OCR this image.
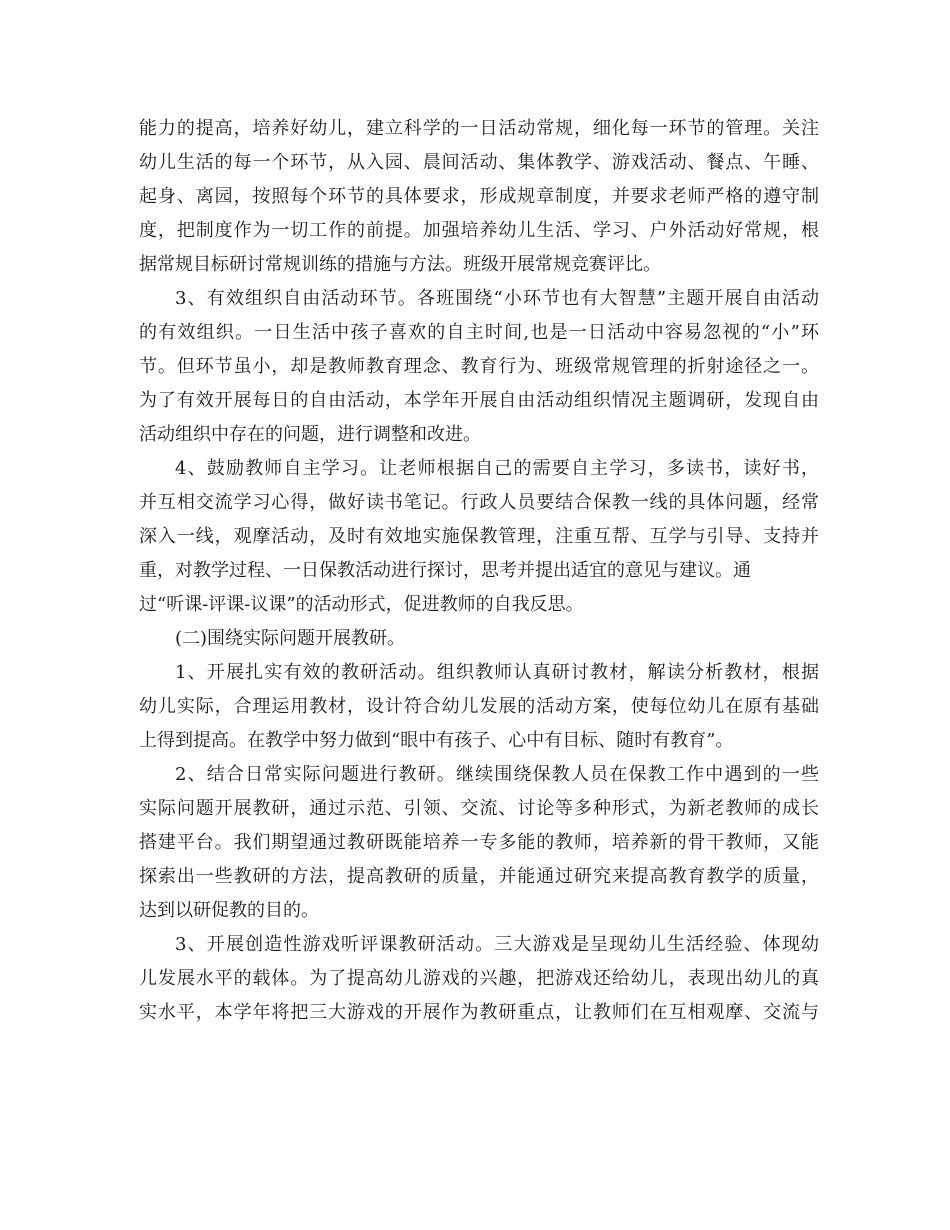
能力的提高，培养好幼儿，建立科学的一日活动常规，细化每一环节的管理。关注
幼儿生活的每一个环节，从入园、晨间活动、集体教学、游戏活动、餐点、午睡、
起身、离园，按照每个环节的具体要求，形成规章制度，并要求老师严格的遵守制
度，把制度作为一切工作的前提。加强培养幼儿生活、学习、户外活动好常规，根
据常规目标研讨常规训练的措施与方法。班级开展常规竞赛评比。
3、有效组织自由活动环节。各班围绕“小环节也有大智慧”主题开展自由活动
的有效组织。一日生活中孩子喜欢的自主时间,也是一日活动中容易忽视的“小”环
节。但环节虽小，却是教师教育理念、教育行为、班级常规管理的折射途径之一。
为了有效开展每日的自由活动，本学年开展自由活动组织情况主题调研，发现自由
活动组织中存在的问题，进行调整和改进。
4、鼓励教师自主学习。让老师根据自己的需要自主学习，多读书，读好书，
并互相交流学习心得，做好读书笔记。行政人员要结合保教一线的具体问题，经常
深入一线，观摩活动，及时有效地实施保教管理，注重互帮、互学与引导、支持并
重，对教学过程、一日保教活动进行探讨，思考并提出适宜的意见与建议。通
过“听课-评课-议课”的活动形式，促进教师的自我反思。
(二)围绕实际问题开展教研。
1、开展扎实有效的教研活动。组织教师认真研讨教材，解读分析教材，根据
幼儿实际，合理运用教材，设计符合幼儿发展的活动方案，使每位幼儿在原有基础
上得到提高。在教学中努力做到“眼中有孩子、心中有目标、随时有教育”。
2、结合日常实际问题进行教研。继续围绕保教人员在保教工作中遇到的一些
实际问题开展教研，通过示范、引领、交流、讨论等多种形式，为新老教师的成长
搭建平台。我们期望通过教研既能培养一专多能的教师，培养新的骨干教师，又能
探索出一些教研的方法，提高教研的质量，并能通过研究来提高教育教学的质量，
达到以研促教的目的。
3、开展创造性游戏听评课教研活动。三大游戏是呈现幼儿生活经验、体现幼
儿发展水平的载体。为了提高幼儿游戏的兴趣，把游戏还给幼儿，表现出幼儿的真
实水平，本学年将把三大游戏的开展作为教研重点，让教师们在互相观摩、交流与
